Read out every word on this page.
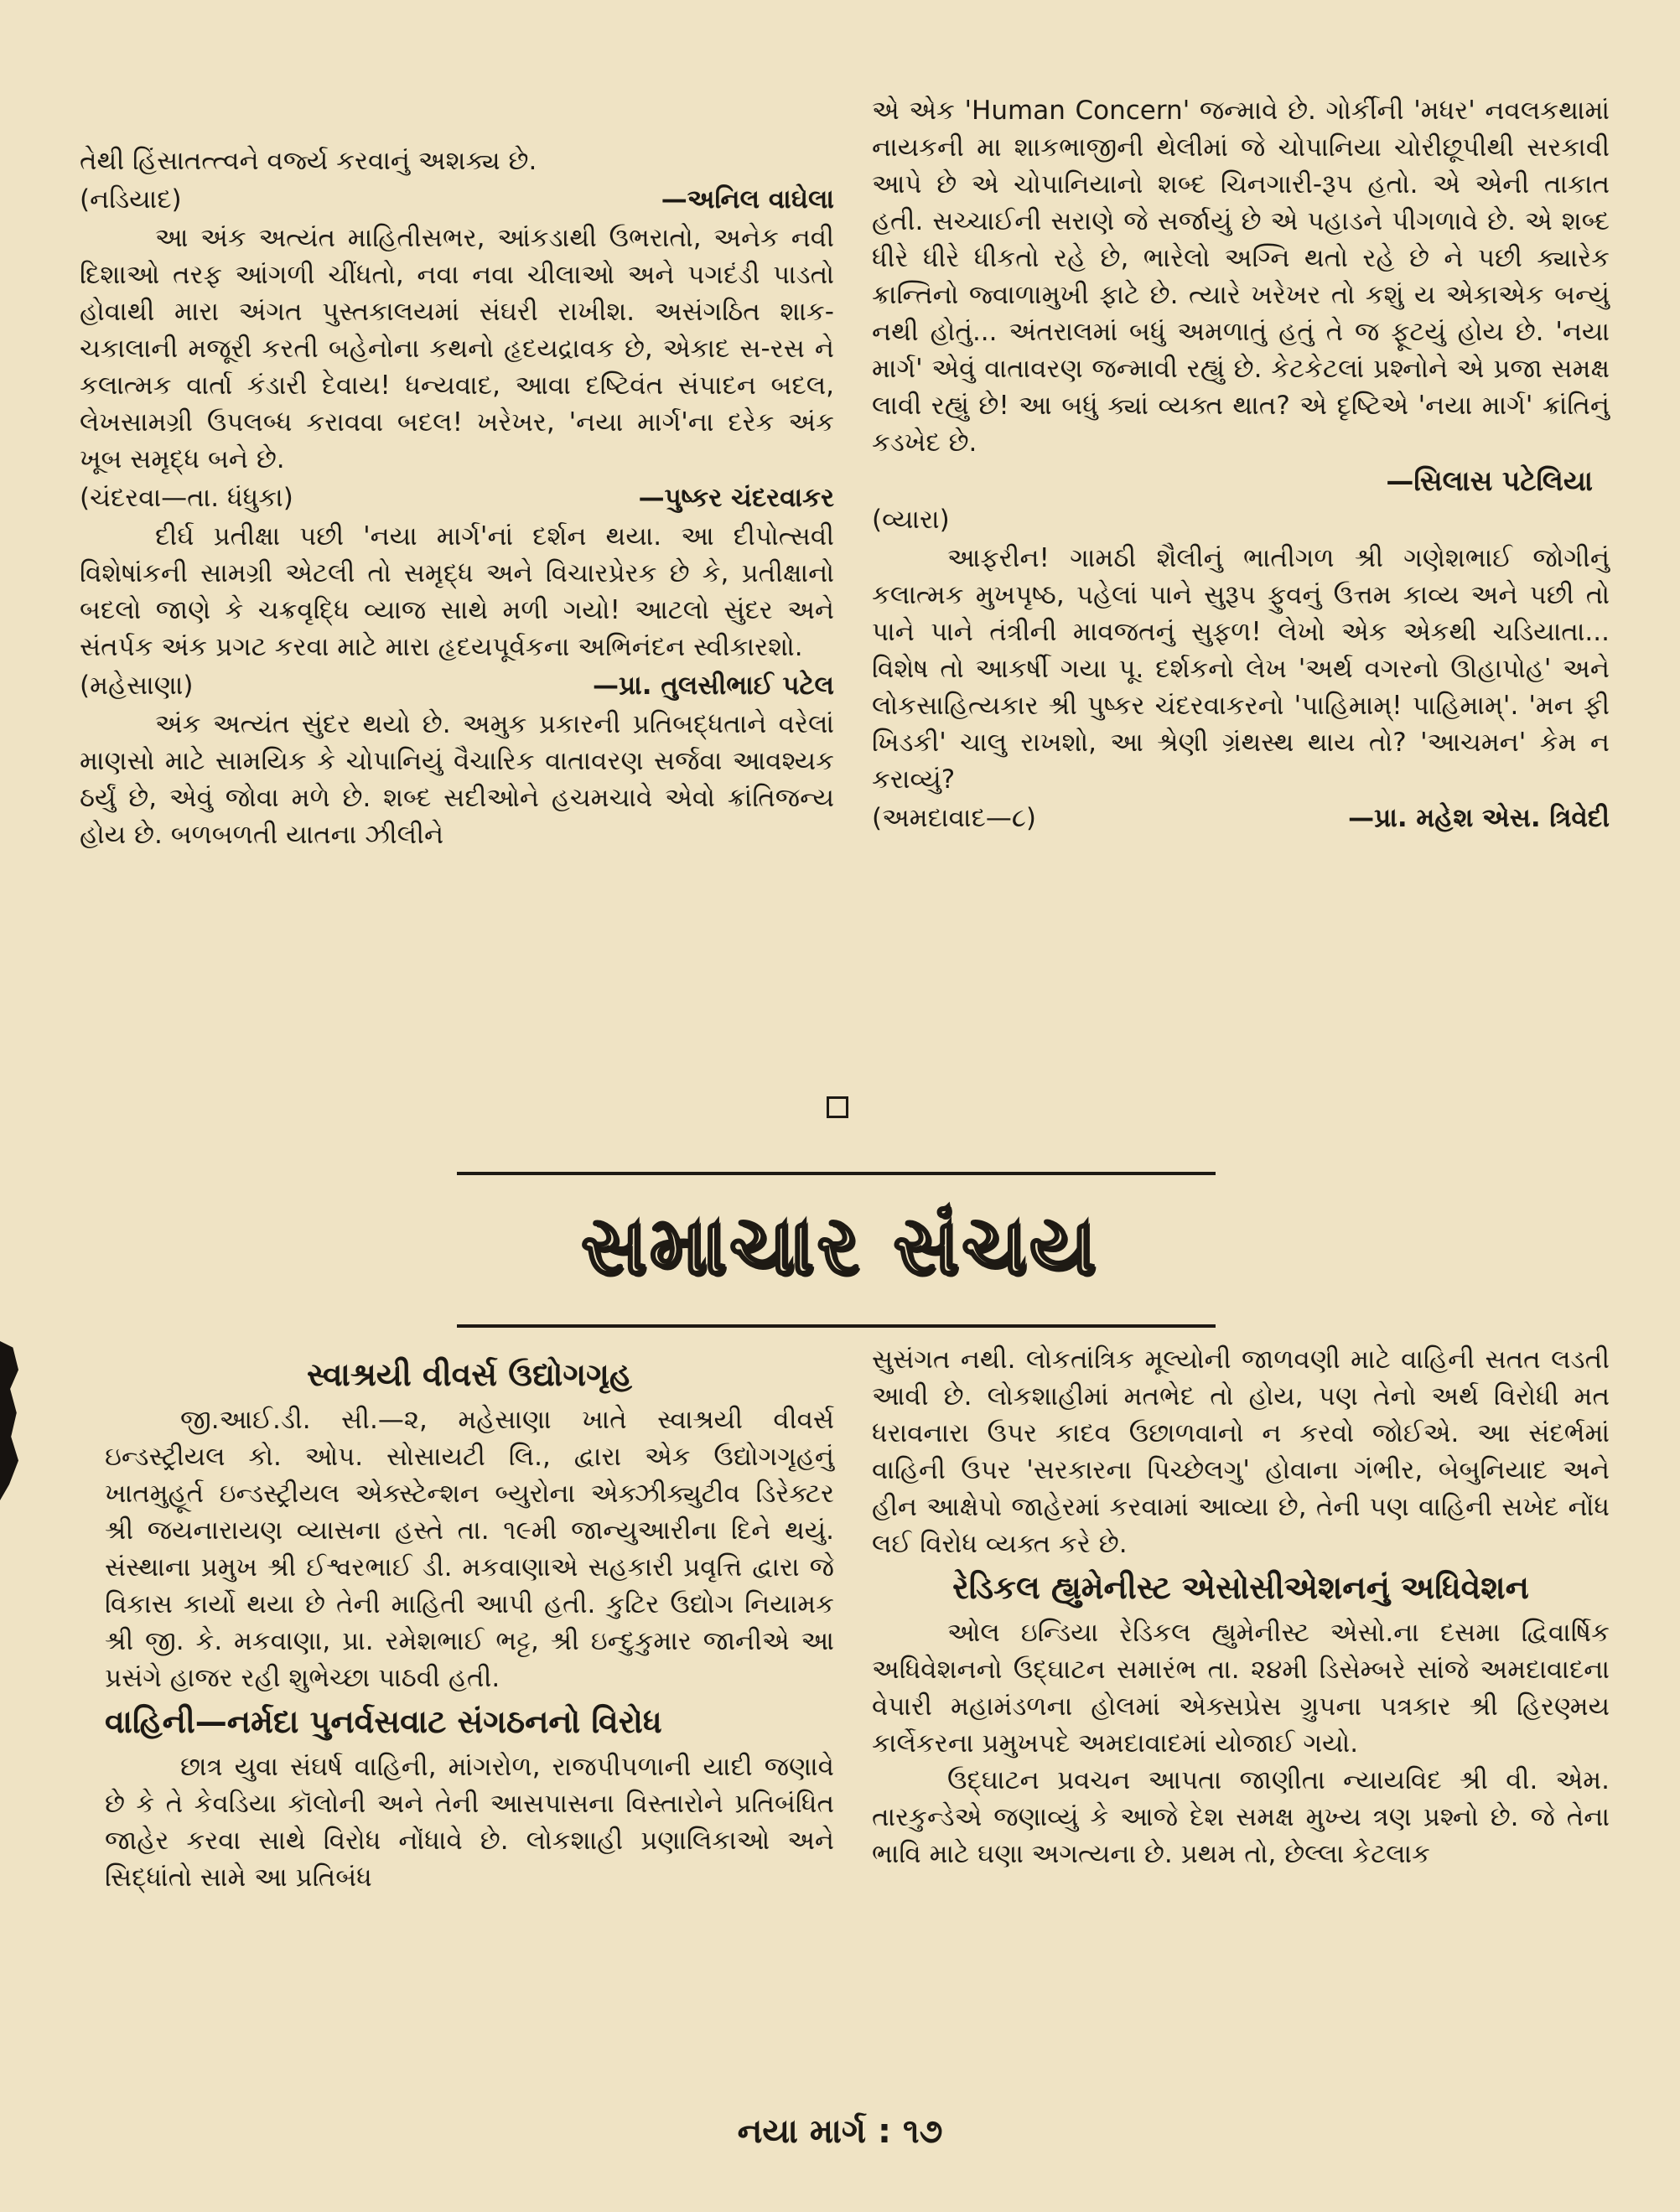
તેથી હિંસાતત્ત્વને વર્જ્ય કરવાનું અશક્ય છે.

(નડિયાદ)	—અનિલ વાઘેલા

આ અંક અત્યંત માહિતીસભર, આંકડાથી ઉભરાતો, અનેક નવી દિશાઓ તરફ આંગળી ચીંધતો, નવા નવા ચીલાઓ અને પગદંડી પાડતો હોવાથી મારા અંગત પુસ્તકાલયમાં સંઘરી રાખીશ. અસંગઠિત શાક-ચકાલાની મજૂરી કરતી બહેનોના કથનો હૃદયદ્રાવક છે, એકાદ સ-રસ ને કલાત્મક વાર્તા કંડારી દેવાય! ધન્યવાદ, આવા દષ્ટિવંત સંપાદન બદલ, લેખસામગ્રી ઉપલબ્ધ કરાવવા બદલ! ખરેખર, 'નયા માર્ગ'ના દરેક અંક ખૂબ સમૃદ્ધ બને છે.

(ચંદરવા—તા. ધંધુકા)	—પુષ્કર ચંદરવાકર

દીર્ઘ પ્રતીક્ષા પછી 'નયા માર્ગ'નાં દર્શન થયા. આ દીપોત્સવી વિશેષાંકની સામગ્રી એટલી તો સમૃદ્ધ અને વિચારપ્રેરક છે કે, પ્રતીક્ષાનો બદલો જાણે કે ચક્રવૃદ્ધિ વ્યાજ સાથે મળી ગયો! આટલો સુંદર અને સંતર્પક અંક પ્રગટ કરવા માટે મારા હૃદયપૂર્વકના અભિનંદન સ્વીકારશો.

(મહેસાણા)	—પ્રા. તુલસીભાઈ પટેલ

અંક અત્યંત સુંદર થયો છે. અમુક પ્રકારની પ્રતિબદ્ધતાને વરેલાં માણસો માટે સામયિક કે ચોપાનિયું વૈચારિક વાતાવરણ સર્જવા આવશ્યક ઠર્યું છે, એવું જોવા મળે છે. શબ્દ સદીઓને હચમચાવે એવો ક્રાંતિજન્ય હોય છે. બળબળતી યાતના ઝીલીને

એ એક 'Human Concern' જન્માવે છે. ગોર્કીની 'મધર' નવલકથામાં નાયકની મા શાકભાજીની થેલીમાં જે ચોપાનિયા ચોરીછૂપીથી સરકાવી આપે છે એ ચોપાનિયાનો શબ્દ ચિનગારી-રૂપ હતો. એ એની તાકાત હતી. સચ્ચાઈની સરાણે જે સર્જાયું છે એ પહાડને પીગળાવે છે. એ શબ્દ ધીરે ધીરે ધીકતો રહે છે, ભારેલો અગ્નિ થતો રહે છે ને પછી ક્યારેક ક્રાન્તિનો જ્વાળામુખી ફાટે છે. ત્યારે ખરેખર તો કશું ય એકાએક બન્યું નથી હોતું... અંતરાલમાં બધું અમળાતું હતું તે જ ફૂટયું હોય છે. 'નયા માર્ગ' એવું વાતાવરણ જન્માવી રહ્યું છે. કેટકેટલાં પ્રશ્નોને એ પ્રજા સમક્ષ લાવી રહ્યું છે! આ બધું ક્યાં વ્યક્ત થાત? એ દૃષ્ટિએ 'નયા માર્ગ' ક્રાંતિનું કડખેદ છે.

—સિલાસ પટેલિયા
(વ્યારા)

આફરીન! ગામઠી શૈલીનું ભાતીગળ શ્રી ગણેશભાઈ જોગીનું કલાત્મક મુખપૃષ્ઠ, પહેલાં પાને સુરૂપ ફુવનું ઉત્તમ કાવ્ય અને પછી તો પાને પાને તંત્રીની માવજતનું સુફળ! લેખો એક એકથી ચડિયાતા... વિશેષ તો આકર્ષી ગયા પૂ. દર્શકનો લેખ 'અર્થ વગરનો ઊહાપોહ' અને લોકસાહિત્યકાર શ્રી પુષ્કર ચંદરવાકરનો 'પાહિમામ્! પાહિમામ્'. 'મન ફી ખિડકી' ચાલુ રાખશો, આ શ્રેણી ગ્રંથસ્થ થાય તો? 'આચમન' કેમ ન કરાવ્યું?

(અમદાવાદ—૮)	—પ્રા. મહેશ એસ. ત્રિવેદી
સમાચાર સંચય
સ્વાશ્રયી વીવર્સ ઉદ્યોગગૃહ

જી.આઈ.ડી. સી.—૨, મહેસાણા ખાતે સ્વાશ્રયી વીવર્સ ઇન્ડસ્ટ્રીયલ કો. ઓપ. સોસાયટી લિ., દ્વારા એક ઉદ્યોગગૃહનું ખાતમુહૂર્ત ઇન્ડસ્ટ્રીયલ એક્સ્ટેન્શન બ્યુરોના એક્ઝીક્યુટીવ ડિરેક્ટર શ્રી જયનારાયણ વ્યાસના હસ્તે તા. ૧૯મી જાન્યુઆરીના દિને થયું. સંસ્થાના પ્રમુખ શ્રી ઈશ્વરભાઈ ડી. મકવાણાએ સહકારી પ્રવૃત્તિ દ્વારા જે વિકાસ કાર્યો થયા છે તેની માહિતી આપી હતી. કુટિર ઉદ્યોગ નિયામક શ્રી જી. કે. મકવાણા, પ્રા. રમેશભાઈ ભટ્ટ, શ્રી ઇન્દુકુમાર જાનીએ આ પ્રસંગે હાજર રહી શુભેચ્છા પાઠવી હતી.

વાહિની—નર્મદા પુનર્વસવાટ સંગઠનનો વિરોધ

છાત્ર યુવા સંઘર્ષ વાહિની, માંગરોળ, રાજપીપળાની યાદી જણાવે છે કે તે કેવડિયા કૉલોની અને તેની આસપાસના વિસ્તારોને પ્રતિબંધિત જાહેર કરવા સાથે વિરોધ નોંધાવે છે. લોકશાહી પ્રણાલિકાઓ અને સિદ્ધાંતો સામે આ પ્રતિબંધ

સુસંગત નથી. લોકતાંત્રિક મૂલ્યોની જાળવણી માટે વાહિની સતત લડતી આવી છે. લોકશાહીમાં મતભેદ તો હોય, પણ તેનો અર્થ વિરોધી મત ધરાવનારા ઉપર કાદવ ઉછાળવાનો ન કરવો જોઈએ. આ સંદર્ભમાં વાહિની ઉપર 'સરકારના પિચ્છેલગુ' હોવાના ગંભીર, બેબુનિયાદ અને હીન આક્ષેપો જાહેરમાં કરવામાં આવ્યા છે, તેની પણ વાહિની સખેદ નોંધ લઈ વિરોધ વ્યક્ત કરે છે.

રેડિકલ હ્યુમેનીસ્ટ એસોસીએશનનું અધિવેશન

ઓલ ઇન્ડિયા રેડિકલ હ્યુમેનીસ્ટ એસો.ના દસમા દ્વિવાર્ષિક અધિવેશનનો ઉદ્ઘાટન સમારંભ તા. ૨૪મી ડિસેમ્બરે સાંજે અમદાવાદના વેપારી મહામંડળના હોલમાં એક્સપ્રેસ ગ્રુપના પત્રકાર શ્રી હિરણ્મય કાર્લેકરના પ્રમુખપદે અમદાવાદમાં યોજાઈ ગયો.

ઉદ્ઘાટન પ્રવચન આપતા જાણીતા ન્યાયવિદ શ્રી વી. એમ. તારકુન્ડેએ જણાવ્યું કે આજે દેશ સમક્ષ મુખ્ય ત્રણ પ્રશ્નો છે. જે તેના ભાવિ માટે ઘણા અગત્યના છે. પ્રથમ તો, છેલ્લા કેટલાક

નયા માર્ગ : ૧૭
